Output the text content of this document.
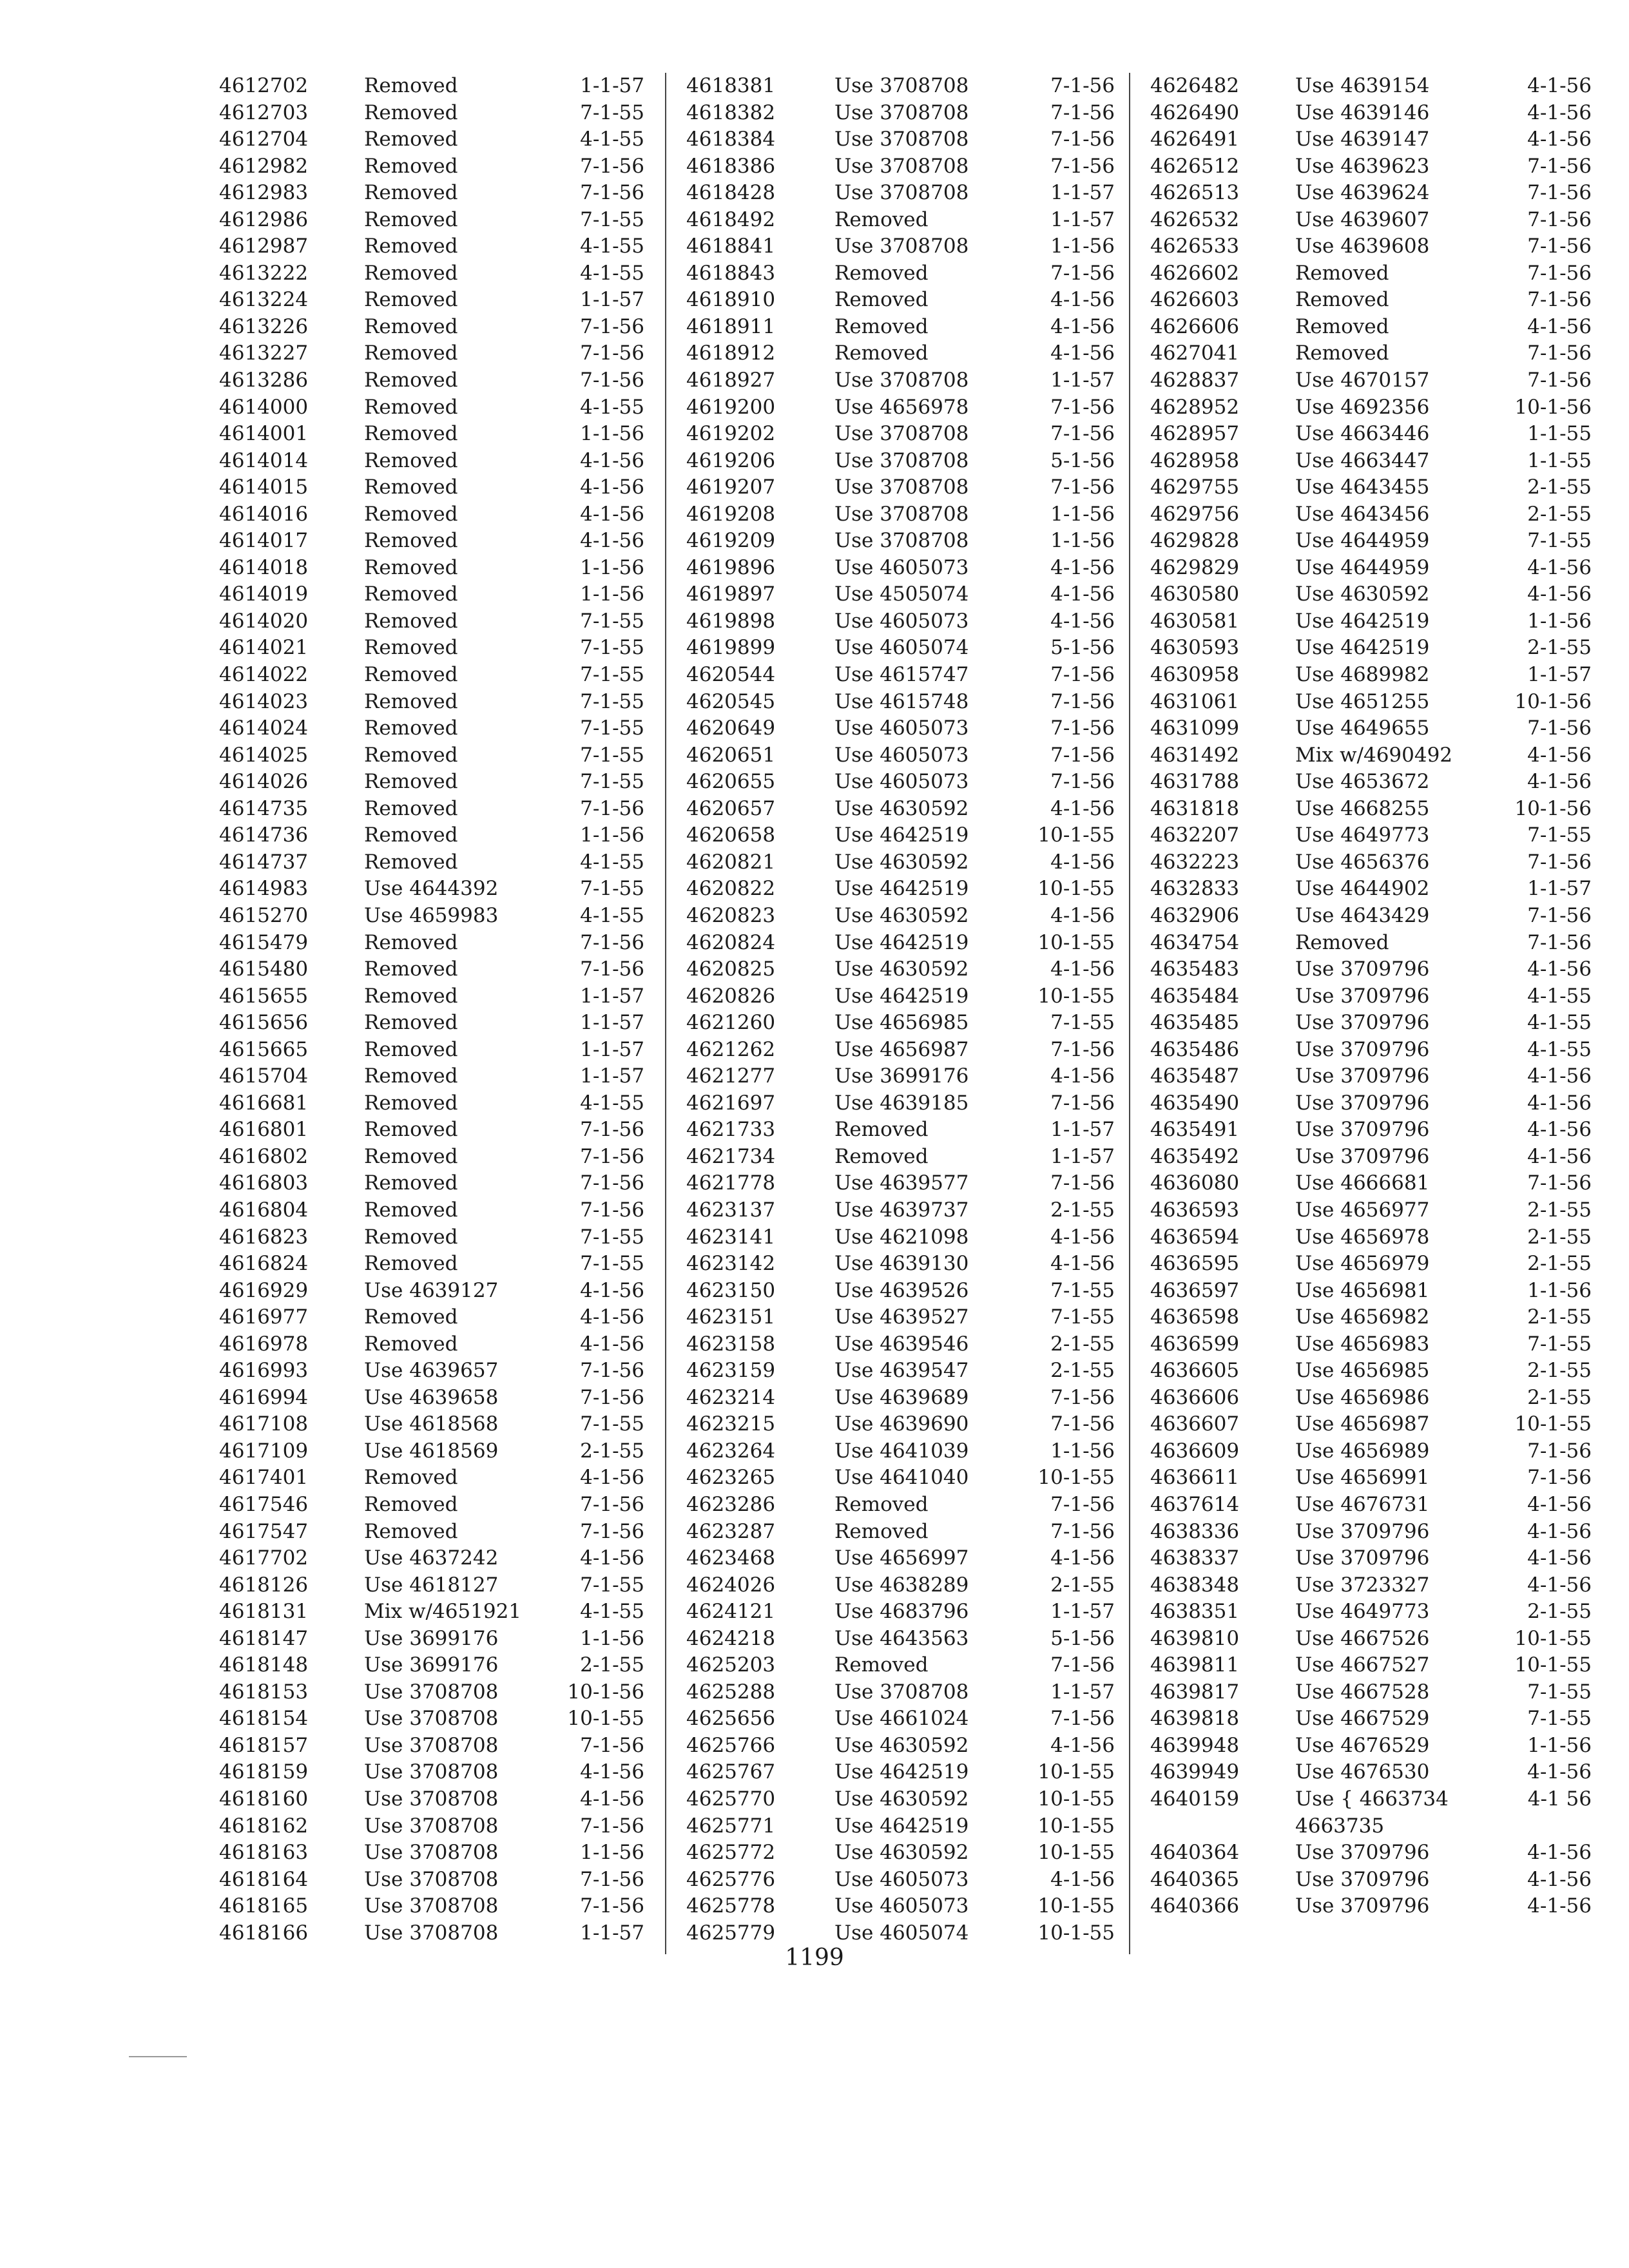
4612702	Removed	1-1-57
4612703	Removed	7-1-55
4612704	Removed	4-1-55
4612982	Removed	7-1-56
4612983	Removed	7-1-56
4612986	Removed	7-1-55
4612987	Removed	4-1-55
4613222	Removed	4-1-55
4613224	Removed	1-1-57
4613226	Removed	7-1-56
4613227	Removed	7-1-56
4613286	Removed	7-1-56
4614000	Removed	4-1-55
4614001	Removed	1-1-56
4614014	Removed	4-1-56
4614015	Removed	4-1-56
4614016	Removed	4-1-56
4614017	Removed	4-1-56
4614018	Removed	1-1-56
4614019	Removed	1-1-56
4614020	Removed	7-1-55
4614021	Removed	7-1-55
4614022	Removed	7-1-55
4614023	Removed	7-1-55
4614024	Removed	7-1-55
4614025	Removed	7-1-55
4614026	Removed	7-1-55
4614735	Removed	7-1-56
4614736	Removed	1-1-56
4614737	Removed	4-1-55
4614983	Use 4644392	7-1-55
4615270	Use 4659983	4-1-55
4615479	Removed	7-1-56
4615480	Removed	7-1-56
4615655	Removed	1-1-57
4615656	Removed	1-1-57
4615665	Removed	1-1-57
4615704	Removed	1-1-57
4616681	Removed	4-1-55
4616801	Removed	7-1-56
4616802	Removed	7-1-56
4616803	Removed	7-1-56
4616804	Removed	7-1-56
4616823	Removed	7-1-55
4616824	Removed	7-1-55
4616929	Use 4639127	4-1-56
4616977	Removed	4-1-56
4616978	Removed	4-1-56
4616993	Use 4639657	7-1-56
4616994	Use 4639658	7-1-56
4617108	Use 4618568	7-1-55
4617109	Use 4618569	2-1-55
4617401	Removed	4-1-56
4617546	Removed	7-1-56
4617547	Removed	7-1-56
4617702	Use 4637242	4-1-56
4618126	Use 4618127	7-1-55
4618131	Mix w/4651921	4-1-55
4618147	Use 3699176	1-1-56
4618148	Use 3699176	2-1-55
4618153	Use 3708708	10-1-56
4618154	Use 3708708	10-1-55
4618157	Use 3708708	7-1-56
4618159	Use 3708708	4-1-56
4618160	Use 3708708	4-1-56
4618162	Use 3708708	7-1-56
4618163	Use 3708708	1-1-56
4618164	Use 3708708	7-1-56
4618165	Use 3708708	7-1-56
4618166	Use 3708708	1-1-57
4618381	Use 3708708	7-1-56
4618382	Use 3708708	7-1-56
4618384	Use 3708708	7-1-56
4618386	Use 3708708	7-1-56
4618428	Use 3708708	1-1-57
4618492	Removed	1-1-57
4618841	Use 3708708	1-1-56
4618843	Removed	7-1-56
4618910	Removed	4-1-56
4618911	Removed	4-1-56
4618912	Removed	4-1-56
4618927	Use 3708708	1-1-57
4619200	Use 4656978	7-1-56
4619202	Use 3708708	7-1-56
4619206	Use 3708708	5-1-56
4619207	Use 3708708	7-1-56
4619208	Use 3708708	1-1-56
4619209	Use 3708708	1-1-56
4619896	Use 4605073	4-1-56
4619897	Use 4505074	4-1-56
4619898	Use 4605073	4-1-56
4619899	Use 4605074	5-1-56
4620544	Use 4615747	7-1-56
4620545	Use 4615748	7-1-56
4620649	Use 4605073	7-1-56
4620651	Use 4605073	7-1-56
4620655	Use 4605073	7-1-56
4620657	Use 4630592	4-1-56
4620658	Use 4642519	10-1-55
4620821	Use 4630592	4-1-56
4620822	Use 4642519	10-1-55
4620823	Use 4630592	4-1-56
4620824	Use 4642519	10-1-55
4620825	Use 4630592	4-1-56
4620826	Use 4642519	10-1-55
4621260	Use 4656985	7-1-55
4621262	Use 4656987	7-1-56
4621277	Use 3699176	4-1-56
4621697	Use 4639185	7-1-56
4621733	Removed	1-1-57
4621734	Removed	1-1-57
4621778	Use 4639577	7-1-56
4623137	Use 4639737	2-1-55
4623141	Use 4621098	4-1-56
4623142	Use 4639130	4-1-56
4623150	Use 4639526	7-1-55
4623151	Use 4639527	7-1-55
4623158	Use 4639546	2-1-55
4623159	Use 4639547	2-1-55
4623214	Use 4639689	7-1-56
4623215	Use 4639690	7-1-56
4623264	Use 4641039	1-1-56
4623265	Use 4641040	10-1-55
4623286	Removed	7-1-56
4623287	Removed	7-1-56
4623468	Use 4656997	4-1-56
4624026	Use 4638289	2-1-55
4624121	Use 4683796	1-1-57
4624218	Use 4643563	5-1-56
4625203	Removed	7-1-56
4625288	Use 3708708	1-1-57
4625656	Use 4661024	7-1-56
4625766	Use 4630592	4-1-56
4625767	Use 4642519	10-1-55
4625770	Use 4630592	10-1-55
4625771	Use 4642519	10-1-55
4625772	Use 4630592	10-1-55
4625776	Use 4605073	4-1-56
4625778	Use 4605073	10-1-55
4625779	Use 4605074	10-1-55
4626482	Use 4639154	4-1-56
4626490	Use 4639146	4-1-56
4626491	Use 4639147	4-1-56
4626512	Use 4639623	7-1-56
4626513	Use 4639624	7-1-56
4626532	Use 4639607	7-1-56
4626533	Use 4639608	7-1-56
4626602	Removed	7-1-56
4626603	Removed	7-1-56
4626606	Removed	4-1-56
4627041	Removed	7-1-56
4628837	Use 4670157	7-1-56
4628952	Use 4692356	10-1-56
4628957	Use 4663446	1-1-55
4628958	Use 4663447	1-1-55
4629755	Use 4643455	2-1-55
4629756	Use 4643456	2-1-55
4629828	Use 4644959	7-1-55
4629829	Use 4644959	4-1-56
4630580	Use 4630592	4-1-56
4630581	Use 4642519	1-1-56
4630593	Use 4642519	2-1-55
4630958	Use 4689982	1-1-57
4631061	Use 4651255	10-1-56
4631099	Use 4649655	7-1-56
4631492	Mix w/4690492	4-1-56
4631788	Use 4653672	4-1-56
4631818	Use 4668255	10-1-56
4632207	Use 4649773	7-1-55
4632223	Use 4656376	7-1-56
4632833	Use 4644902	1-1-57
4632906	Use 4643429	7-1-56
4634754	Removed	7-1-56
4635483	Use 3709796	4-1-56
4635484	Use 3709796	4-1-55
4635485	Use 3709796	4-1-55
4635486	Use 3709796	4-1-55
4635487	Use 3709796	4-1-56
4635490	Use 3709796	4-1-56
4635491	Use 3709796	4-1-56
4635492	Use 3709796	4-1-56
4636080	Use 4666681	7-1-56
4636593	Use 4656977	2-1-55
4636594	Use 4656978	2-1-55
4636595	Use 4656979	2-1-55
4636597	Use 4656981	1-1-56
4636598	Use 4656982	2-1-55
4636599	Use 4656983	7-1-55
4636605	Use 4656985	2-1-55
4636606	Use 4656986	2-1-55
4636607	Use 4656987	10-1-55
4636609	Use 4656989	7-1-56
4636611	Use 4656991	7-1-56
4637614	Use 4676731	4-1-56
4638336	Use 3709796	4-1-56
4638337	Use 3709796	4-1-56
4638348	Use 3723327	4-1-56
4638351	Use 4649773	2-1-55
4639810	Use 4667526	10-1-55
4639811	Use 4667527	10-1-55
4639817	Use 4667528	7-1-55
4639818	Use 4667529	7-1-55
4639948	Use 4676529	1-1-56
4639949	Use 4676530	4-1-56
4640159	Use { 4663734	4-1 56
4663735
4640364	Use 3709796	4-1-56
4640365	Use 3709796	4-1-56
4640366	Use 3709796	4-1-56
1199
